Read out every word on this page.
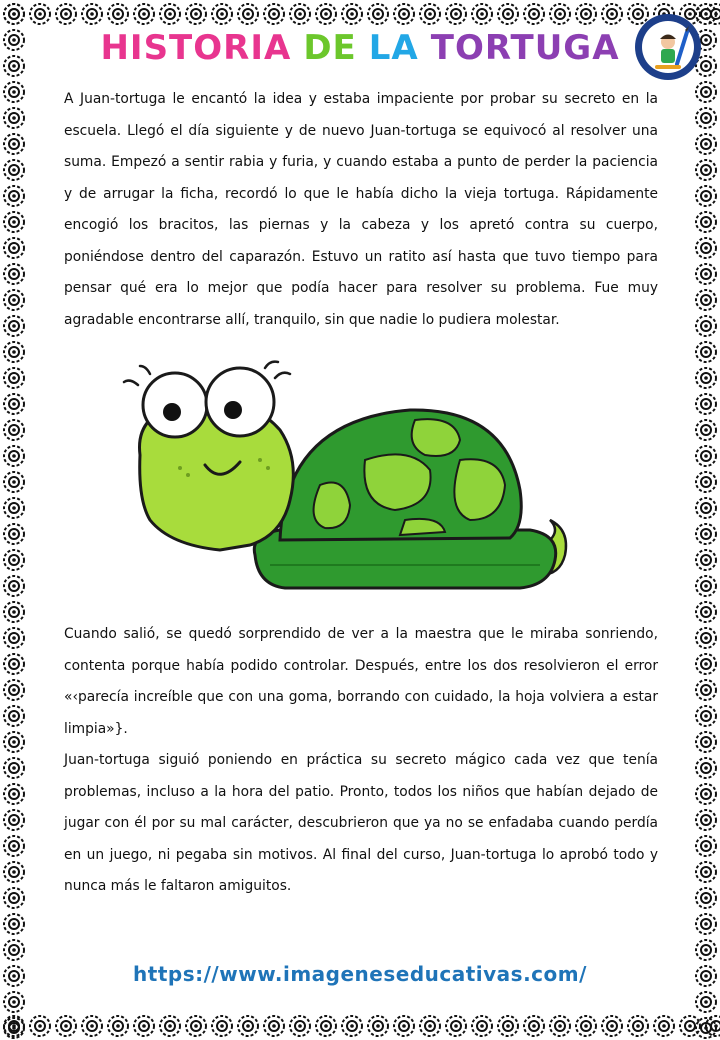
HISTORIA DE LA TORTUGA

A Juan-tortuga le encantó la idea y estaba impaciente por probar su secreto en la escuela. Llegó el día siguiente y de nuevo Juan-tortuga se equivocó al resolver una suma. Empezó a sentir rabia y furia, y cuando estaba a punto de perder la paciencia y de arrugar la ficha, recordó lo que le había dicho la vieja tortuga. Rápidamente encogió los bracitos, las piernas y la cabeza y los apretó contra su cuerpo, poniéndose dentro del caparazón. Estuvo un ratito así hasta que tuvo tiempo para pensar qué era lo mejor que podía hacer para resolver su problema. Fue muy agradable encontrarse allí, tranquilo, sin que nadie lo pudiera molestar.

Cuando salió, se quedó sorprendido de ver a la maestra que le miraba sonriendo, contenta porque había podido controlar. Después, entre los dos resolvieron el error «‹parecía increíble que con una goma, borrando con cuidado, la hoja volviera a estar limpia»}.

Juan-tortuga siguió poniendo en práctica su secreto mágico cada vez que tenía problemas, incluso a la hora del patio. Pronto, todos los niños que habían dejado de jugar con él por su mal carácter, descubrieron que ya no se enfadaba cuando perdía en un juego, ni pegaba sin motivos. Al final del curso, Juan-tortuga lo aprobó todo y nunca más le faltaron amiguitos.

https://www.imageneseducativas.com/
